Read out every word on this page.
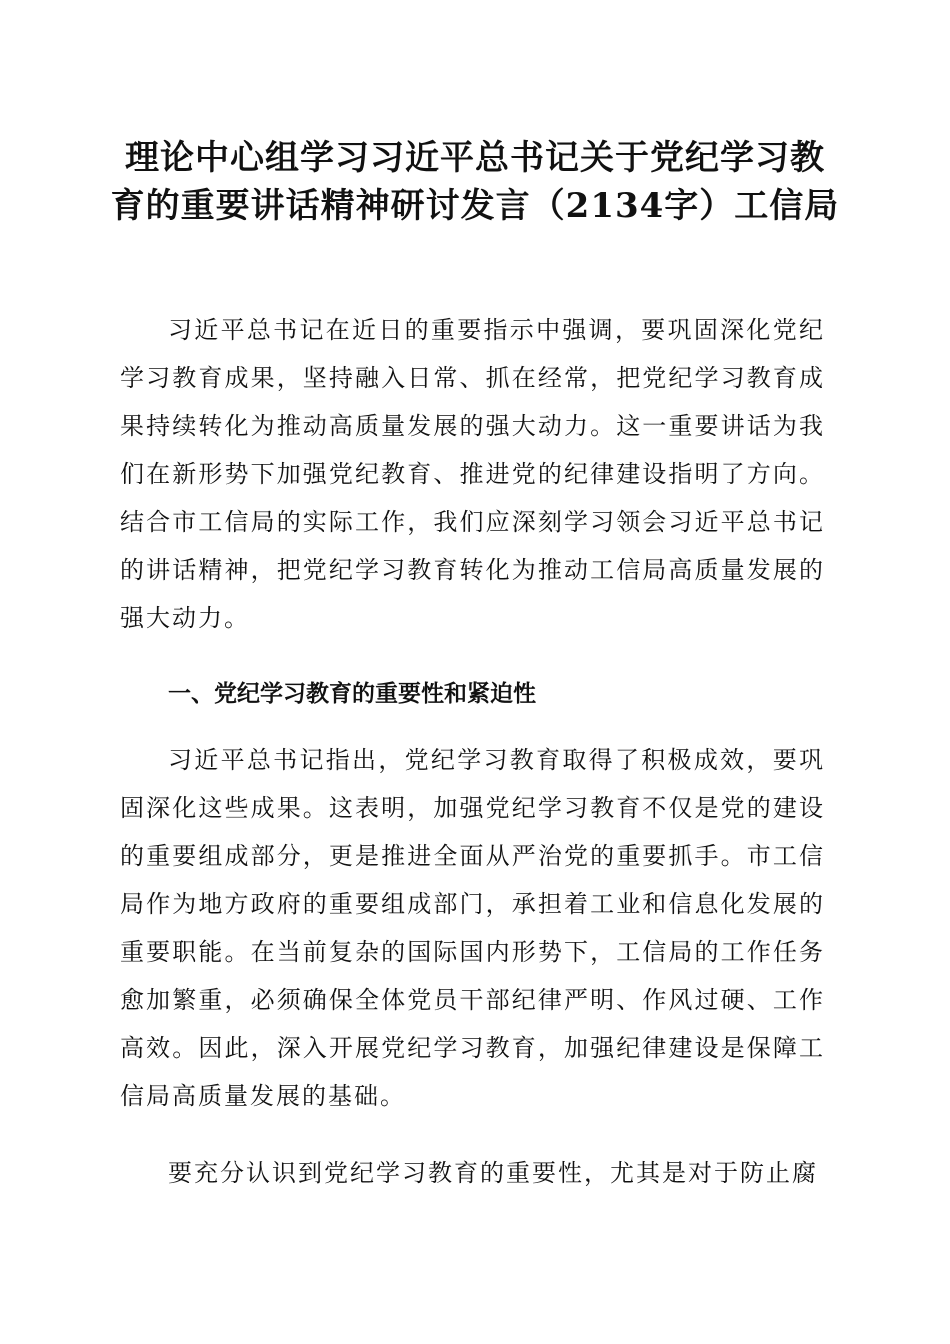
理论中心组学习习近平总书记关于党纪学习教育的重要讲话精神研讨发言（2134字）工信局

习近平总书记在近日的重要指示中强调，要巩固深化党纪学习教育成果，坚持融入日常、抓在经常，把党纪学习教育成果持续转化为推动高质量发展的强大动力。这一重要讲话为我们在新形势下加强党纪教育、推进党的纪律建设指明了方向。结合市工信局的实际工作，我们应深刻学习领会习近平总书记的讲话精神，把党纪学习教育转化为推动工信局高质量发展的强大动力。

一、党纪学习教育的重要性和紧迫性

习近平总书记指出，党纪学习教育取得了积极成效，要巩固深化这些成果。这表明，加强党纪学习教育不仅是党的建设的重要组成部分，更是推进全面从严治党的重要抓手。市工信局作为地方政府的重要组成部门，承担着工业和信息化发展的重要职能。在当前复杂的国际国内形势下，工信局的工作任务愈加繁重，必须确保全体党员干部纪律严明、作风过硬、工作高效。因此，深入开展党纪学习教育，加强纪律建设是保障工信局高质量发展的基础。

要充分认识到党纪学习教育的重要性，尤其是对于防止腐
